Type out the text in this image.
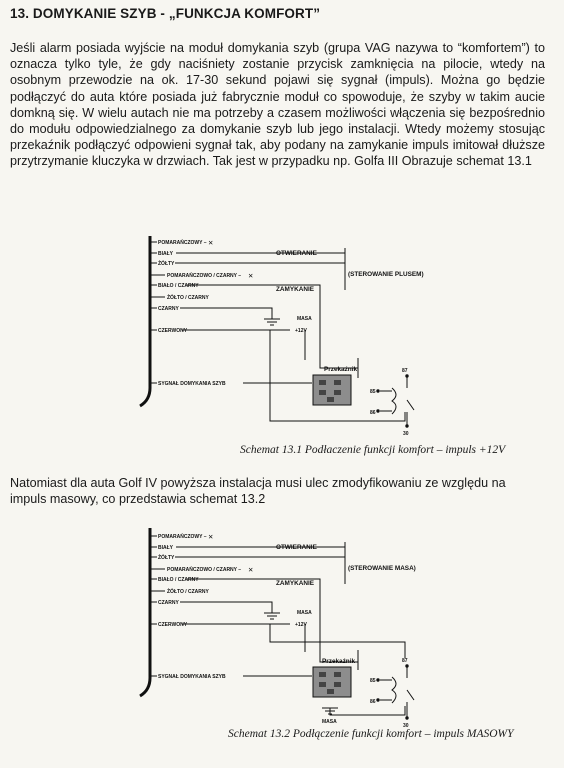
13. DOMYKANIE SZYB - „FUNKCJA KOMFORT”
Jeśli alarm posiada wyjście na moduł domykania szyb (grupa VAG nazywa to “komfortem”) to oznacza tylko tyle, że gdy naciśniety zostanie przycisk zamknięcia na pilocie, wtedy na osobnym przewodzie na ok. 17-30 sekund pojawi się sygnał (impuls). Można go będzie podłączyć do auta które posiada już fabrycznie moduł co spowoduje, że szyby w takim aucie domkną się. W wielu autach nie ma potrzeby a czasem możliwości włączenia się bezpośrednio do modułu odpowiedzialnego za domykanie szyb lub jego instalacji. Wtedy możemy stosując przekaźnik podłączyć odpowieni sygnał tak, aby podany na zamykanie impuls imitował dłuższe przytrzymanie kluczyka w drzwiach. Tak jest w przypadku np. Golfa III Obrazuje schemat 13.1
POMARAŃCZOWY – ✕
BIAŁY
ŻÓŁTY
POMARAŃCZOWO / CZARNY – ✕
BIAŁO / CZARNY
ŻÓŁTO / CZARNY
CZARNY
CZERWONY
SYGNAŁ DOMYKANIA SZYB
OTWIERANIE
ZAMYKANIE
(STEROWANIE PLUSEM)
MASA
+12V
Przekaźnik	87
85
86
30
Schemat 13.1 Podłaczenie funkcji komfort – impuls +12V
Natomiast dla auta Golf IV powyższa instalacja musi ulec zmodyfikowaniu ze względu na impuls masowy, co przedstawia schemat 13.2
POMARAŃCZOWY – ✕
BIAŁY
ŻÓŁTY
POMARAŃCZOWO / CZARNY – ✕
BIAŁO / CZARNY
ŻÓŁTO / CZARNY
CZARNY
CZERWONY
SYGNAŁ DOMYKANIA SZYB
OTWIERANIE
ZAMYKANIE
(STEROWANIE MASA)
MASA
+12V
Przekaźnik	87
85
86
30
MASA
Schemat 13.2 Podłączenie funkcji komfort – impuls MASOWY
